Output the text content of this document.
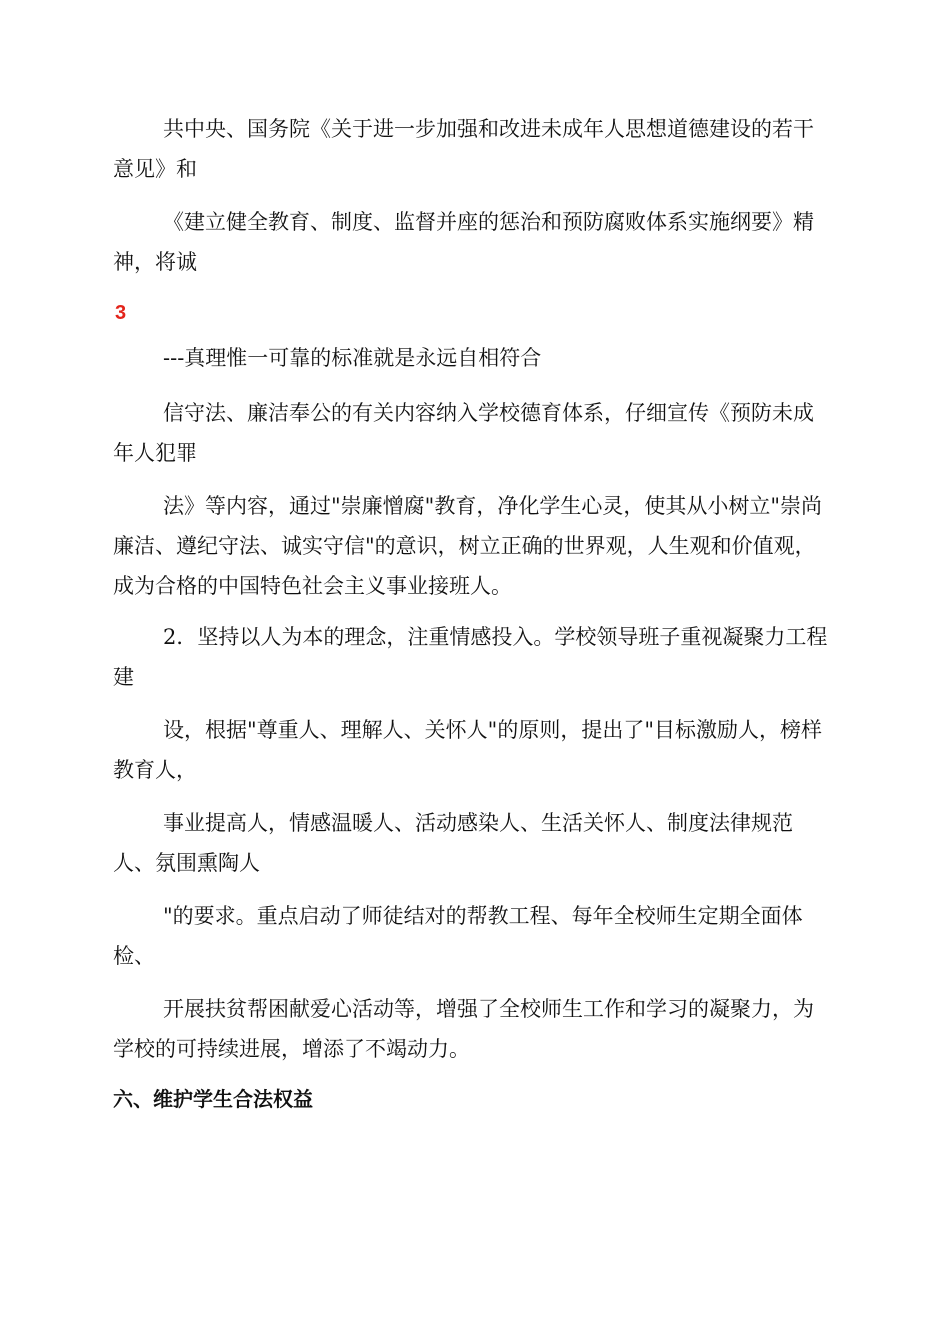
共中央、国务院《关于进一步加强和改进未成年人思想道德建设的若干意见》和

《建立健全教育、制度、监督并座的惩治和预防腐败体系实施纲要》精神，将诚

3

---真理惟一可靠的标准就是永远自相符合

信守法、廉洁奉公的有关内容纳入学校德育体系，仔细宣传《预防未成年人犯罪

法》等内容，通过"崇廉憎腐"教育，净化学生心灵，使其从小树立"崇尚廉洁、遵纪守法、诚实守信"的意识，树立正确的世界观，人生观和价值观，成为合格的中国特色社会主义事业接班人。

2．坚持以人为本的理念，注重情感投入。学校领导班子重视凝聚力工程建

设，根据"尊重人、理解人、关怀人"的原则，提出了"目标激励人，榜样教育人，

事业提高人，情感温暖人、活动感染人、生活关怀人、制度法律规范人、氛围熏陶人

"的要求。重点启动了师徒结对的帮教工程、每年全校师生定期全面体检、

开展扶贫帮困献爱心活动等，增强了全校师生工作和学习的凝聚力，为学校的可持续进展，增添了不竭动力。

六、维护学生合法权益
